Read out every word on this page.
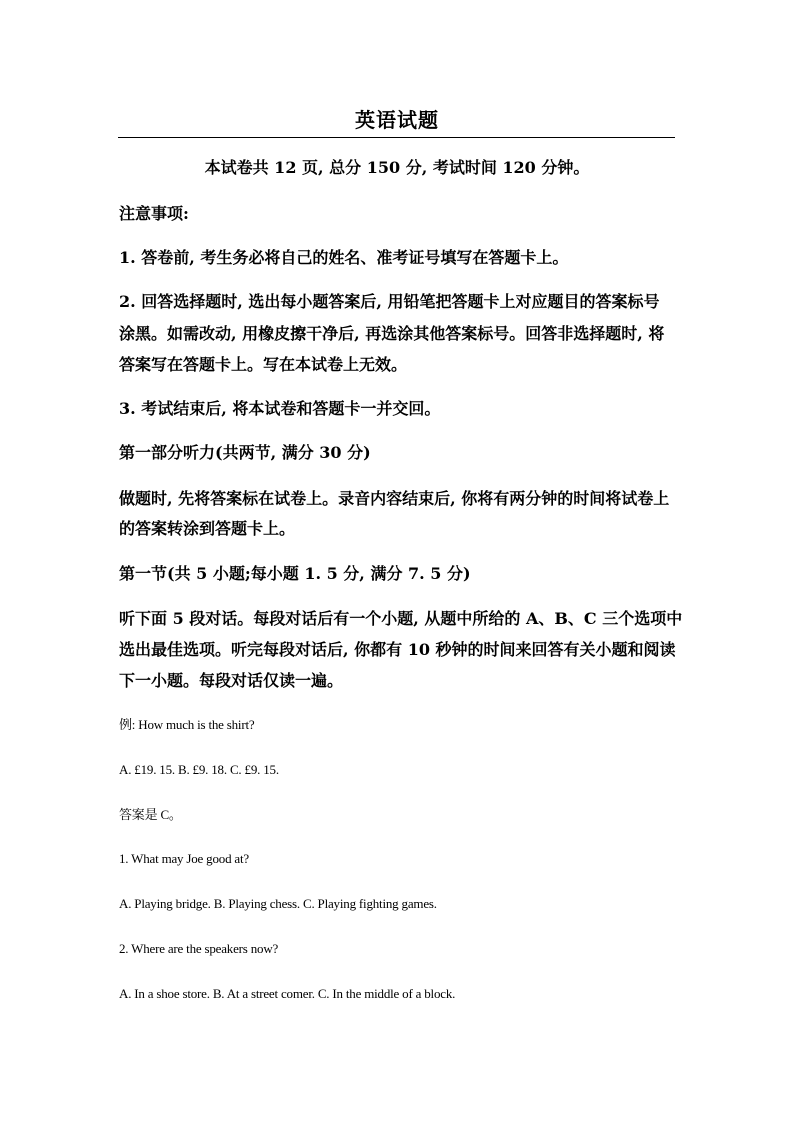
英语试题
本试卷共 12 页, 总分 150 分, 考试时间 120 分钟。
注意事项:
1. 答卷前, 考生务必将自己的姓名、准考证号填写在答题卡上。
2. 回答选择题时, 选出每小题答案后, 用铅笔把答题卡上对应题目的答案标号
涂黑。如需改动, 用橡皮擦干净后, 再选涂其他答案标号。回答非选择题时, 将
答案写在答题卡上。写在本试卷上无效。
3. 考试结束后, 将本试卷和答题卡一并交回。
第一部分听力(共两节, 满分 30 分)
做题时, 先将答案标在试卷上。录音内容结束后, 你将有两分钟的时间将试卷上
的答案转涂到答题卡上。
第一节(共 5 小题;每小题 1. 5 分, 满分 7. 5 分)
听下面 5 段对话。每段对话后有一个小题, 从题中所给的 A、B、C 三个选项中
选出最佳选项。听完每段对话后, 你都有 10 秒钟的时间来回答有关小题和阅读
下一小题。每段对话仅读一遍。
例: How much is the shirt?
A. £19. 15. B. £9. 18. C. £9. 15.
答案是 C。
1. What may Joe good at?
A. Playing bridge. B. Playing chess. C. Playing fighting games.
2. Where are the speakers now?
A. In a shoe store. B. At a street comer. C. In the middle of a block.
